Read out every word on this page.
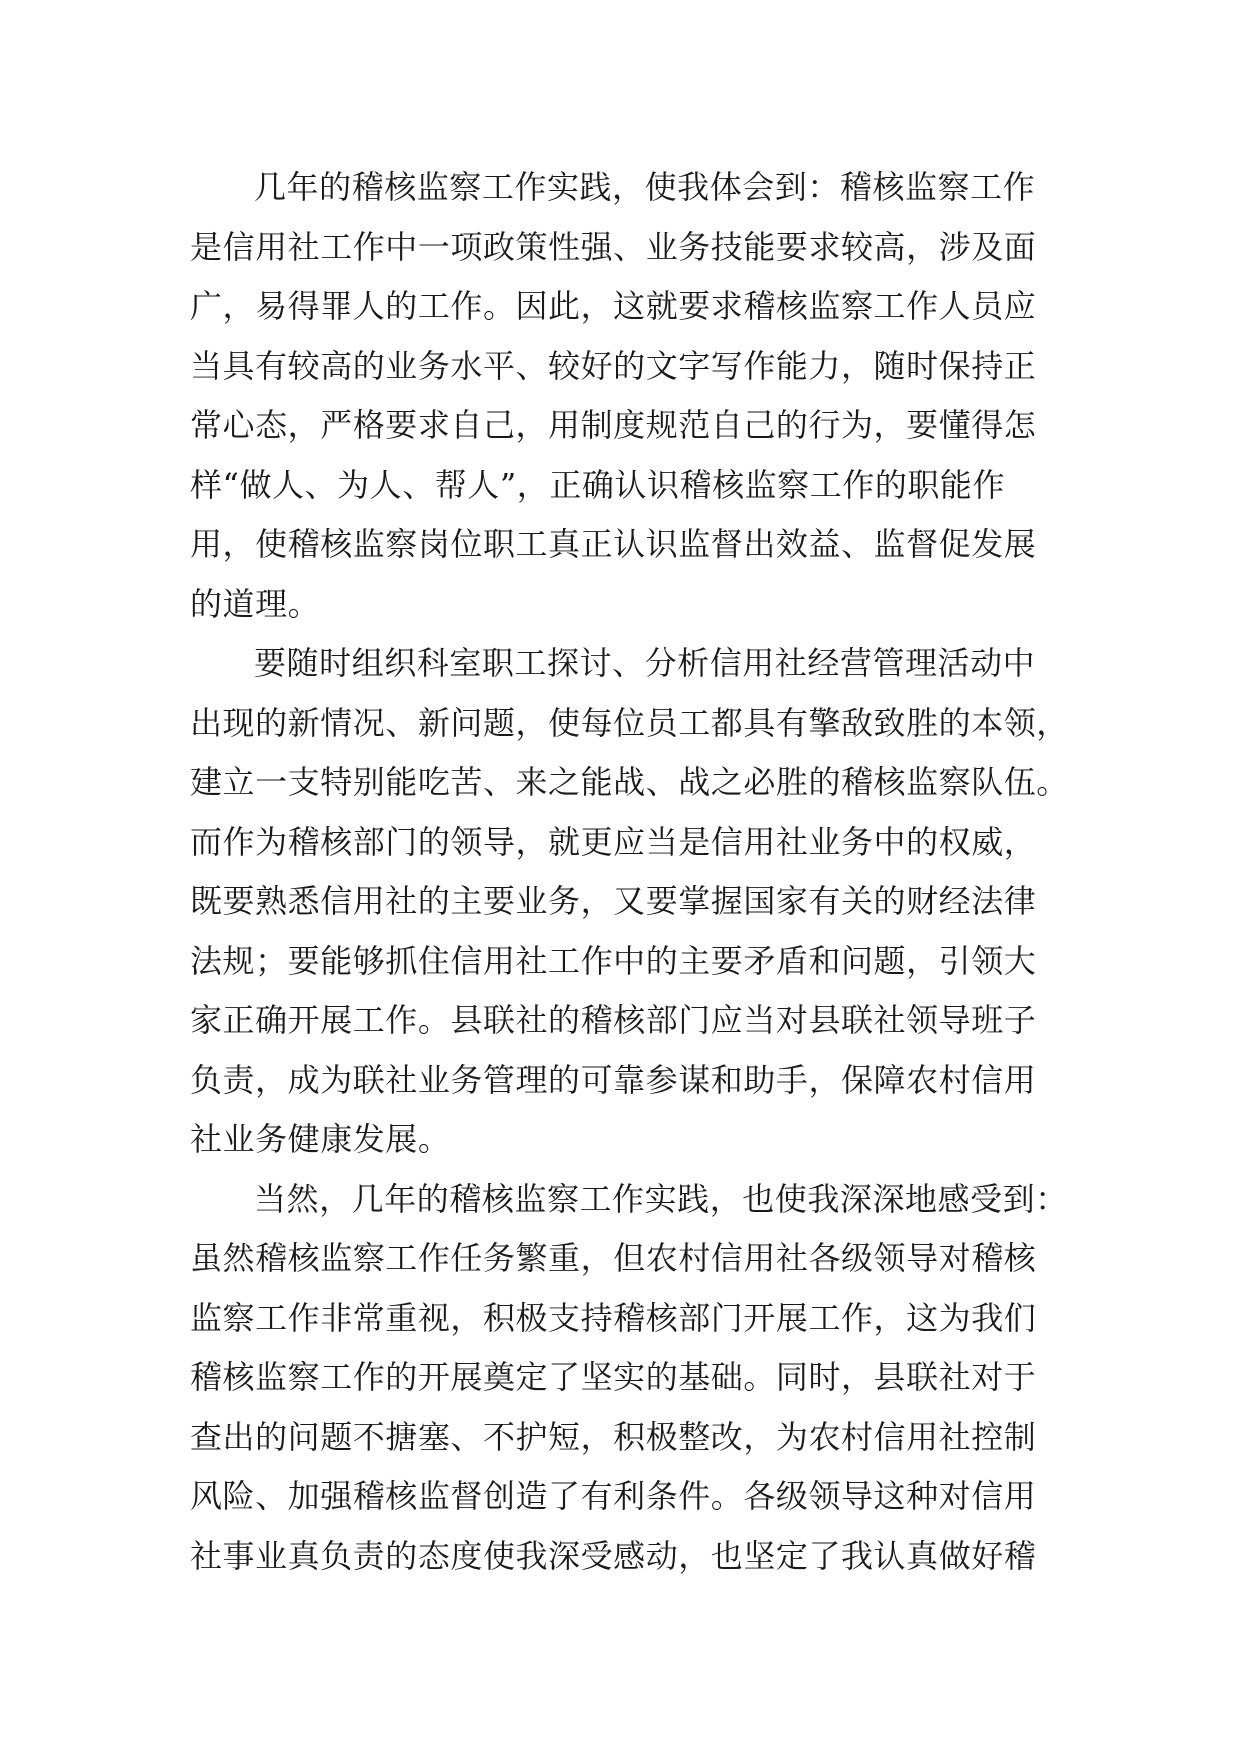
几年的稽核监察工作实践，使我体会到：稽核监察工作
是信用社工作中一项政策性强、业务技能要求较高，涉及面
广，易得罪人的工作。因此，这就要求稽核监察工作人员应
当具有较高的业务水平、较好的文字写作能力，随时保持正
常心态，严格要求自己，用制度规范自己的行为，要懂得怎
样“做人、为人、帮人”，正确认识稽核监察工作的职能作
用，使稽核监察岗位职工真正认识监督出效益、监督促发展
的道理。
要随时组织科室职工探讨、分析信用社经营管理活动中
出现的新情况、新问题，使每位员工都具有擎敌致胜的本领，
建立一支特别能吃苦、来之能战、战之必胜的稽核监察队伍。
而作为稽核部门的领导，就更应当是信用社业务中的权威，
既要熟悉信用社的主要业务，又要掌握国家有关的财经法律
法规；要能够抓住信用社工作中的主要矛盾和问题，引领大
家正确开展工作。县联社的稽核部门应当对县联社领导班子
负责，成为联社业务管理的可靠参谋和助手，保障农村信用
社业务健康发展。
当然，几年的稽核监察工作实践，也使我深深地感受到：
虽然稽核监察工作任务繁重，但农村信用社各级领导对稽核
监察工作非常重视，积极支持稽核部门开展工作，这为我们
稽核监察工作的开展奠定了坚实的基础。同时，县联社对于
查出的问题不搪塞、不护短，积极整改，为农村信用社控制
风险、加强稽核监督创造了有利条件。各级领导这种对信用
社事业真负责的态度使我深受感动，也坚定了我认真做好稽
